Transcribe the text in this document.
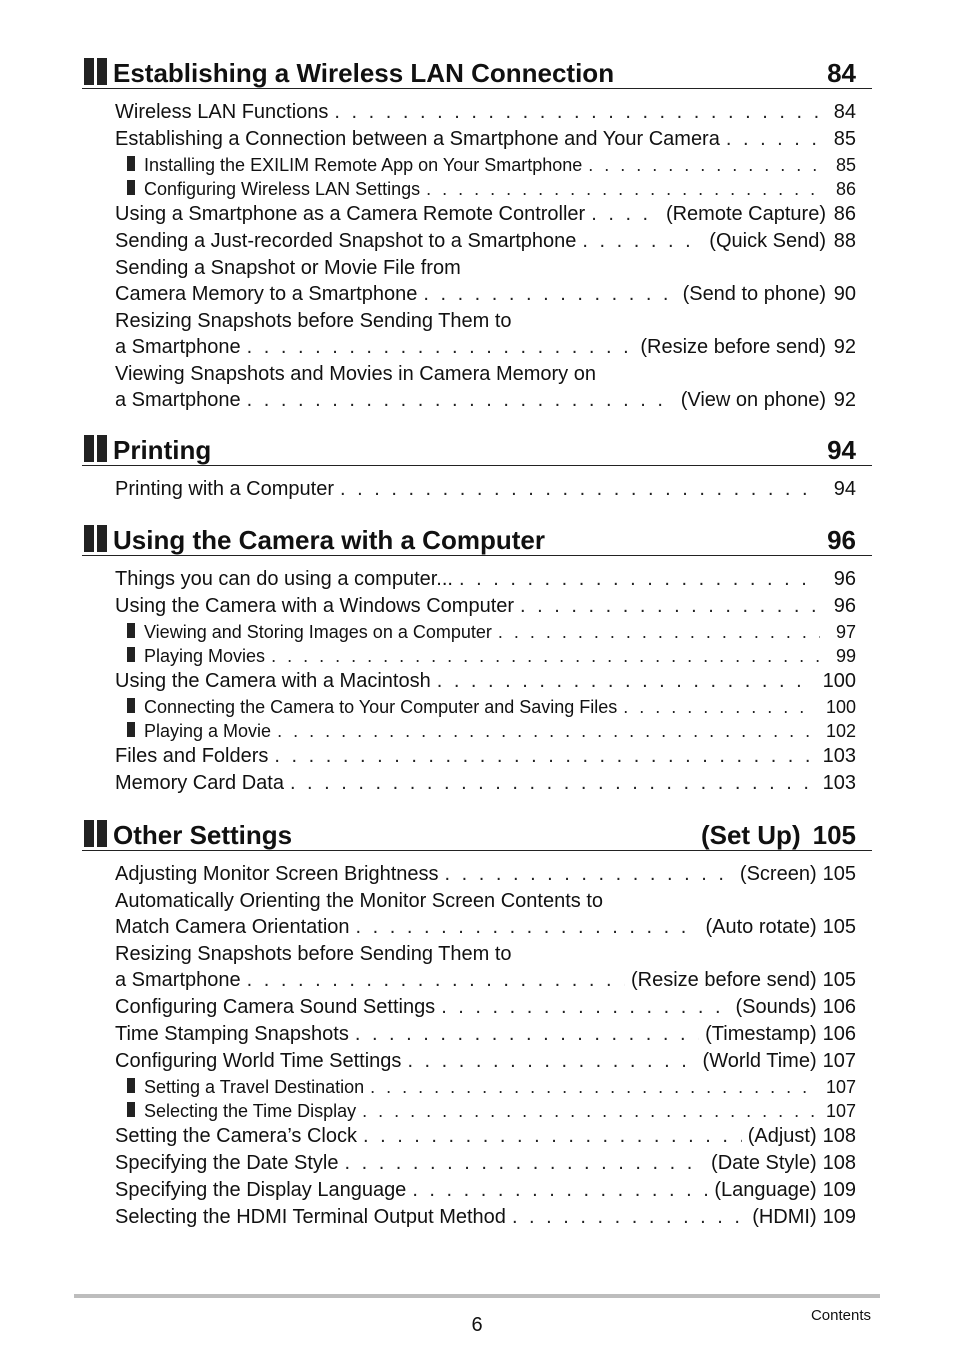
Establishing a Wireless LAN Connection	84
Wireless LAN Functions . . .	84
Establishing a Connection between a Smartphone and Your Camera . . .	85
Installing the EXILIM Remote App on Your Smartphone . . .	85
Configuring Wireless LAN Settings . . .	86
Using a Smartphone as a Camera Remote Controller . . .	(Remote Capture) 86
Sending a Just-recorded Snapshot to a Smartphone . . .	(Quick Send) 88
Sending a Snapshot or Movie File from
Camera Memory to a Smartphone . . .	(Send to phone) 90
Resizing Snapshots before Sending Them to
a Smartphone . . .	(Resize before send) 92
Viewing Snapshots and Movies in Camera Memory on
a Smartphone . . .	(View on phone) 92
Printing	94
Printing with a Computer . . .	94
Using the Camera with a Computer	96
Things you can do using a computer... . . .	96
Using the Camera with a Windows Computer . . .	96
Viewing and Storing Images on a Computer . . .	97
Playing Movies . . .	99
Using the Camera with a Macintosh . . .	100
Connecting the Camera to Your Computer and Saving Files . . .	100
Playing a Movie . . .	102
Files and Folders . . .	103
Memory Card Data . . .	103
Other Settings	(Set Up) 105
Adjusting Monitor Screen Brightness . . .	(Screen) 105
Automatically Orienting the Monitor Screen Contents to
Match Camera Orientation . . .	(Auto rotate) 105
Resizing Snapshots before Sending Them to
a Smartphone . . .	(Resize before send) 105
Configuring Camera Sound Settings . . .	(Sounds) 106
Time Stamping Snapshots . . .	(Timestamp) 106
Configuring World Time Settings . . .	(World Time) 107
Setting a Travel Destination . . .	107
Selecting the Time Display . . .	107
Setting the Camera’s Clock . . .	(Adjust) 108
Specifying the Date Style . . .	(Date Style) 108
Specifying the Display Language . . .	(Language) 109
Selecting the HDMI Terminal Output Method . . .	(HDMI) 109
6	Contents
